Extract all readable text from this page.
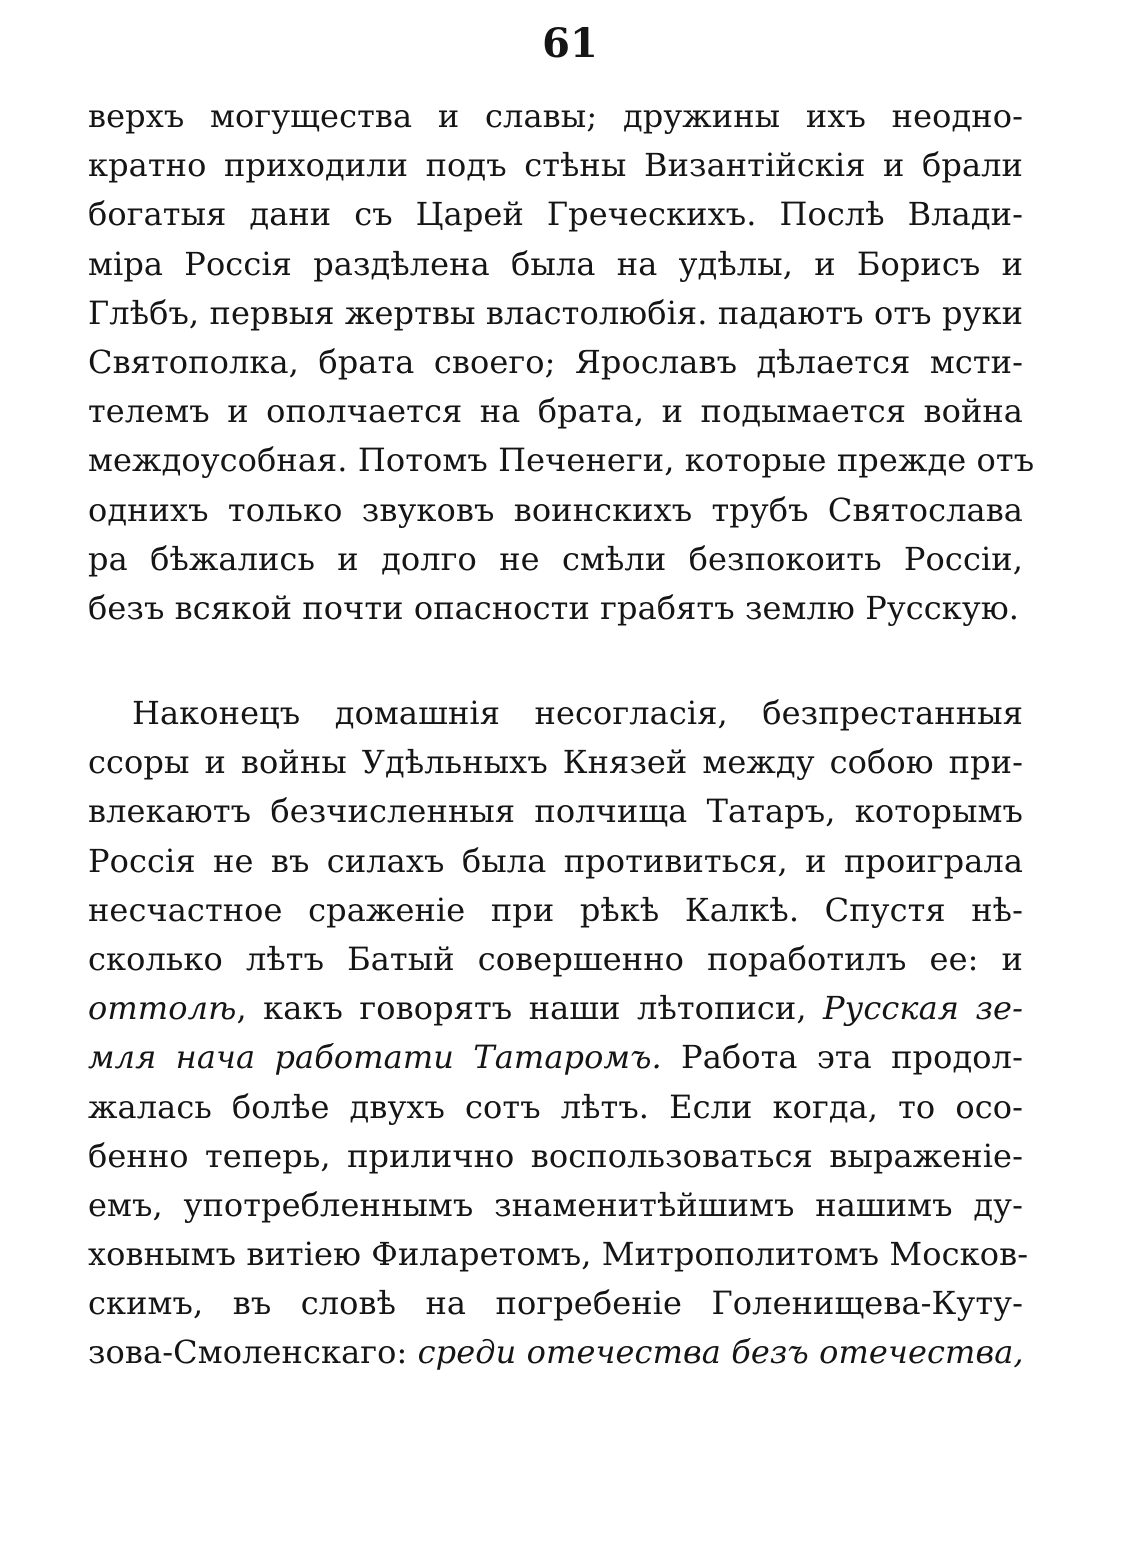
61
верхъ могущества и славы; дружины ихъ неодно-
кратно приходили подъ стѣны Византійскія и брали
богатыя дани съ Царей Греческихъ. Послѣ Влади-
міра Россія раздѣлена была на удѣлы, и Борисъ и
Глѣбъ, первыя жертвы властолюбія. падаютъ отъ руки
Святополка, брата своего; Ярославъ дѣлается мсти-
телемъ и ополчается на брата, и подымается война
междоусобная. Потомъ Печенеги, которые прежде отъ
однихъ только звуковъ воинскихъ трубъ Святослава
ра бѣжались и долго не смѣли безпокоить Россіи,
безъ всякой почти опасности грабятъ землю Русскую.
Наконецъ домашнія несогласія, безпрестанныя
ссоры и войны Удѣльныхъ Князей между собою при-
влекаютъ безчисленныя полчища Татаръ, которымъ
Россія не въ силахъ была противиться, и проиграла
несчастное сраженіе при рѣкѣ Калкѣ. Спустя нѣ-
сколько лѣтъ Батый совершенно поработилъ ее: и
оттолѣ, какъ говорятъ наши лѣтописи, Русская зе-
мля нача работати Татаромъ. Работа эта продол-
жалась болѣе двухъ сотъ лѣтъ. Если когда, то осо-
бенно теперь, прилично воспользоваться выраженіе-
емъ, употребленнымъ знаменитѣйшимъ нашимъ ду-
ховнымъ витіею Филаретомъ, Митрополитомъ Москов-
скимъ, въ словѣ на погребеніе Голенищева-Куту-
зова-Смоленскаго: среди отечества безъ отечества,
